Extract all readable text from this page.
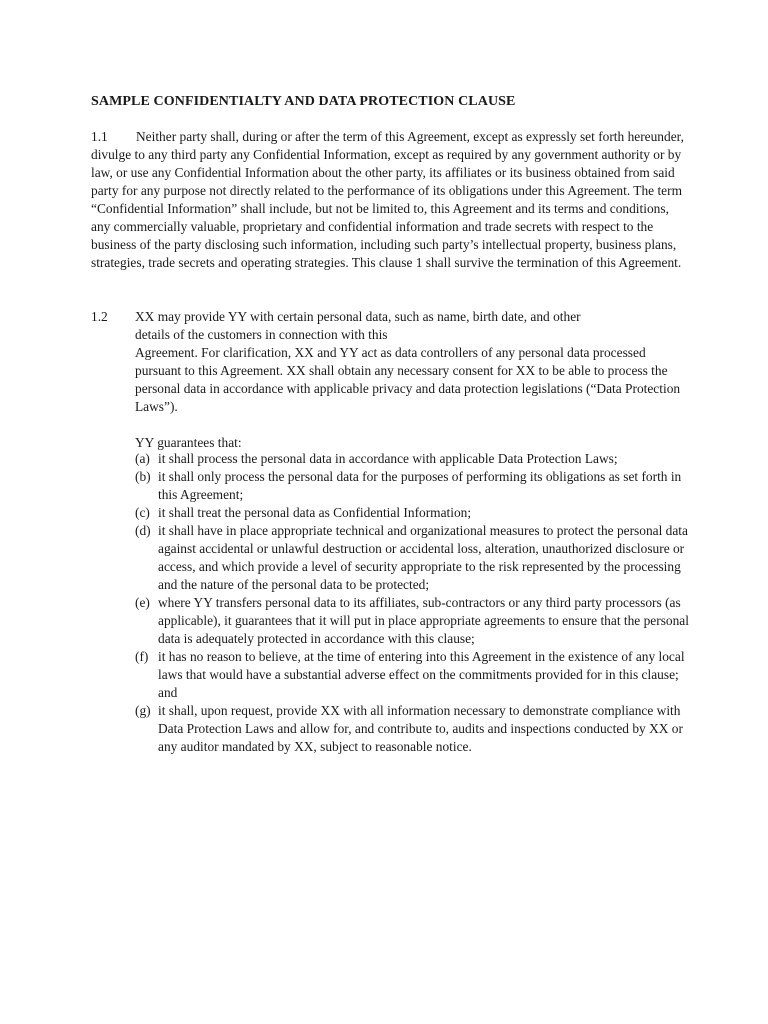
SAMPLE CONFIDENTIALTY AND DATA PROTECTION CLAUSE
1.1	Neither party shall, during or after the term of this Agreement, except as expressly set forth hereunder, divulge to any third party any Confidential Information, except as required by any government authority or by law, or use any Confidential Information about the other party, its affiliates or its business obtained from said party for any purpose not directly related to the performance of its obligations under this Agreement. The term “Confidential Information” shall include, but not be limited to, this Agreement and its terms and conditions, any commercially valuable, proprietary and confidential information and trade secrets with respect to the business of the party disclosing such information, including such party’s intellectual property, business plans, strategies, trade secrets and operating strategies. This clause 1 shall survive the termination of this Agreement.

1.2 XX may provide YY with certain personal data, such as name, birth date, and other
details of the customers in connection with this
Agreement. For clarification, XX and YY act as data controllers of any personal data processed pursuant to this Agreement. XX shall obtain any necessary consent for XX to be able to process the personal data in accordance with applicable privacy and data protection legislations (“Data Protection Laws”).
YY guarantees that:
(a) it shall process the personal data in accordance with applicable Data Protection Laws;
(b) it shall only process the personal data for the purposes of performing its obligations as set forth in this Agreement;
(c) it shall treat the personal data as Confidential Information;
(d) it shall have in place appropriate technical and organizational measures to protect the personal data against accidental or unlawful destruction or accidental loss, alteration, unauthorized disclosure or access, and which provide a level of security appropriate to the risk represented by the processing and the nature of the personal data to be protected;
(e) where YY transfers personal data to its affiliates, sub-contractors or any third party processors (as applicable), it guarantees that it will put in place appropriate agreements to ensure that the personal data is adequately protected in accordance with this clause;
(f) it has no reason to believe, at the time of entering into this Agreement in the existence of any local laws that would have a substantial adverse effect on the commitments provided for in this clause; and
(g) it shall, upon request, provide XX with all information necessary to demonstrate compliance with Data Protection Laws and allow for, and contribute to, audits and inspections conducted by XX or any auditor mandated by XX, subject to reasonable notice.
